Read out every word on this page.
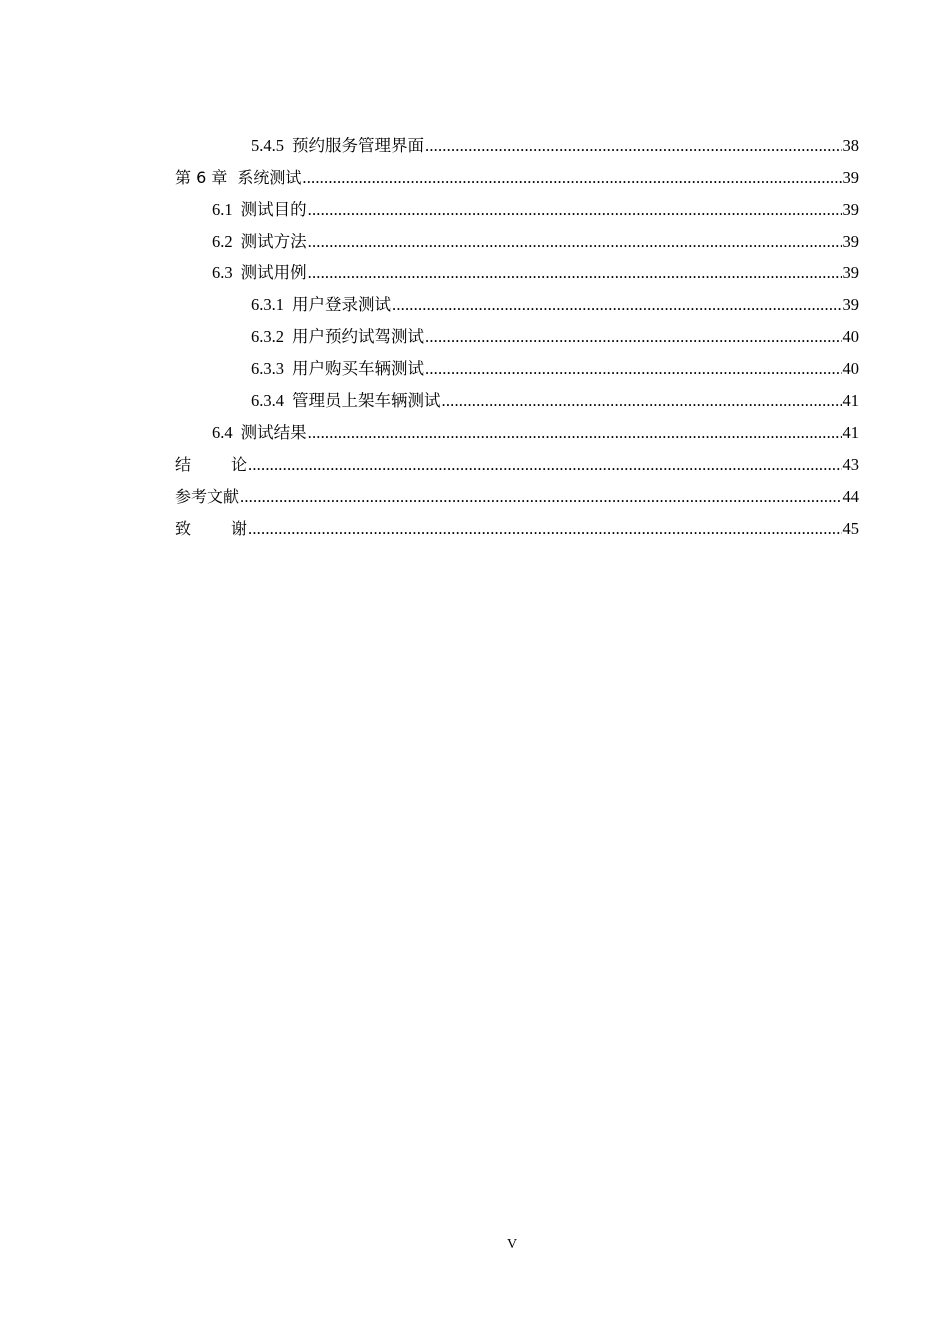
5.4.5 预约服务管理界面 .....	38
第 6 章 系统测试 .....	39
6.1 测试目的 .....	39
6.2 测试方法 .....	39
6.3 测试用例 .....	39
6.3.1 用户登录测试 .....	39
6.3.2 用户预约试驾测试 .....	40
6.3.3 用户购买车辆测试 .....	40
6.3.4 管理员上架车辆测试 .....	41
6.4 测试结果 .....	41
结	论 .....	43
参考文献 .....	44
致	谢 .....	45
V
